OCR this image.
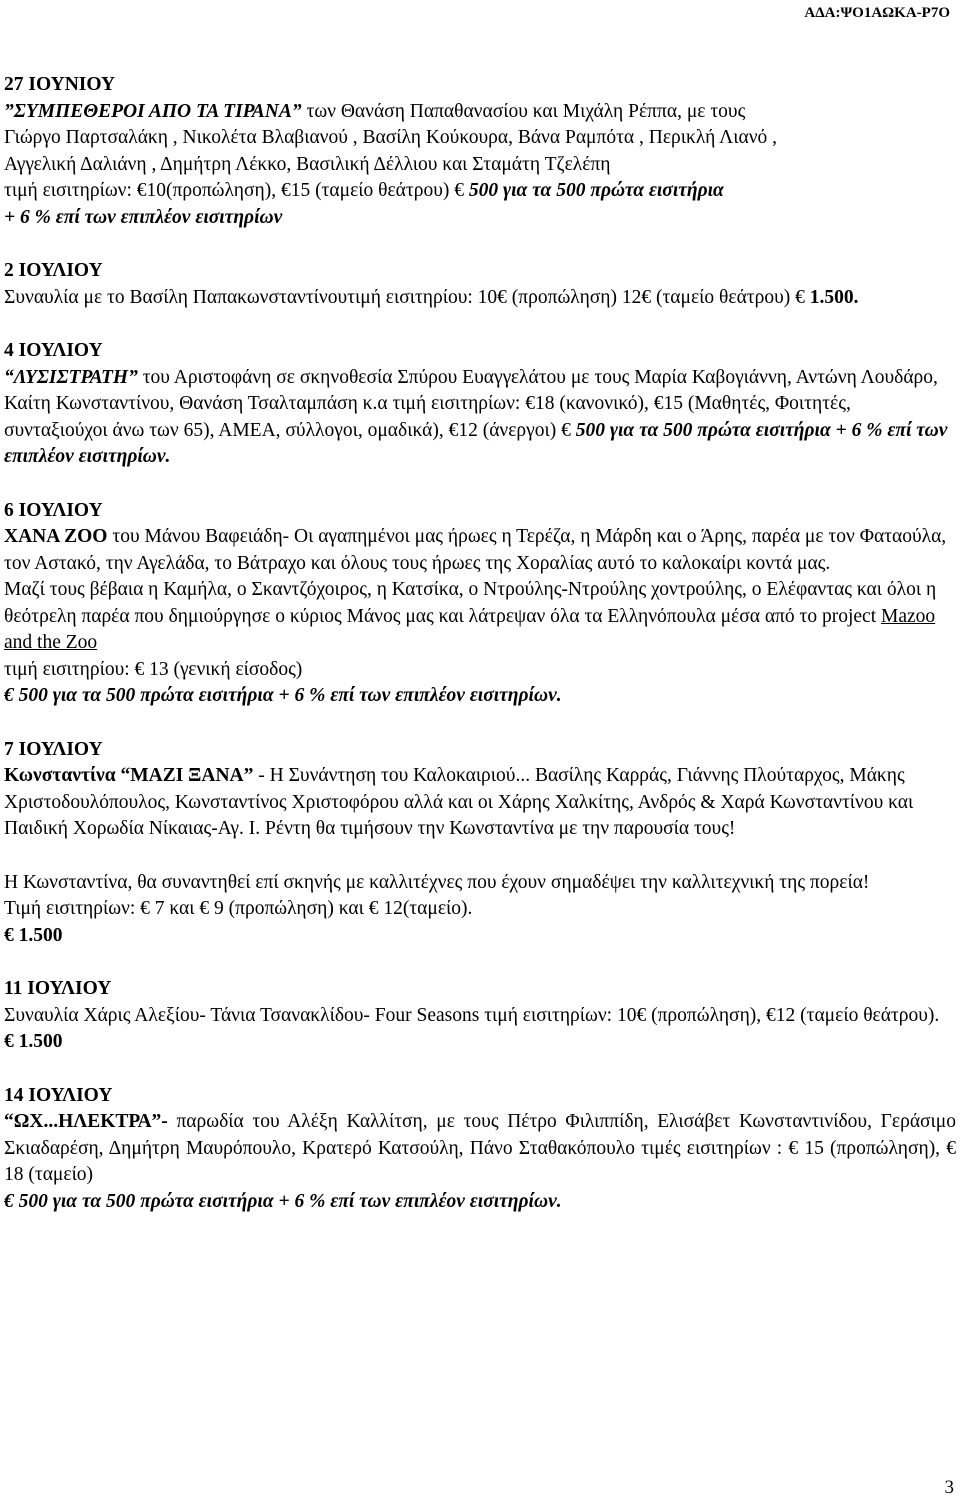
ΑΔΑ:ΨΟ1ΑΩΚΑ-Ρ7Ο

27 ΙΟΥΝΙΟΥ

”ΣΥΜΠΕΘΕΡΟΙ ΑΠΟ ΤΑ ΤΙΡΑΝΑ” των Θανάση Παπαθανασίου και Μιχάλη Ρέππα, με τους

Γιώργο Παρτσαλάκη , Νικολέτα Βλαβιανού , Βασίλη Κούκουρα, Βάνα Ραμπότα , Περικλή Λιανό ,

Αγγελική Δαλιάνη , Δημήτρη Λέκκο, Βασιλική Δέλλιου και Σταμάτη Τζελέπη

τιμή εισιτηρίων: €10(προπώληση), €15 (ταμείο θεάτρου) € 500 για τα 500 πρώτα εισιτήρια

+ 6 % επί των επιπλέον εισιτηρίων

2 ΙΟΥΛΙΟΥ

Συναυλία με το Βασίλη Παπακωνσταντίνουτιμή εισιτηρίου: 10€ (προπώληση) 12€ (ταμείο θεάτρου) € 1.500.

4 ΙΟΥΛΙΟΥ

“ΛΥΣΙΣΤΡΑΤΗ” του Αριστοφάνη σε σκηνοθεσία Σπύρου Ευαγγελάτου με τους Μαρία Καβογιάννη, Αντώνη Λουδάρο, Καίτη Κωνσταντίνου, Θανάση Τσαλταμπάση κ.α τιμή εισιτηρίων: €18 (κανονικό), €15 (Μαθητές, Φοιτητές, συνταξιούχοι άνω των 65), ΑΜΕΑ, σύλλογοι, ομαδικά), €12 (άνεργοι) € 500 για τα 500 πρώτα εισιτήρια + 6 % επί των επιπλέον εισιτηρίων.

6 ΙΟΥΛΙΟΥ

ΧΑΝΑ ΖΟΟ του Μάνου Βαφειάδη- Οι αγαπημένοι μας ήρωες η Τερέζα, η Μάρδη και ο Άρης, παρέα με τον Φαταούλα, τον Αστακό, την Αγελάδα, το Βάτραχο και όλους τους ήρωες της Χοραλίας αυτό το καλοκαίρι κοντά μας.

Μαζί τους βέβαια η Καμήλα, ο Σκαντζόχοιρος, η Κατσίκα, ο Ντρούλης-Ντρούλης χοντρούλης, ο Ελέφαντας και όλοι η θεότρελη παρέα που δημιούργησε ο κύριος Μάνος μας και λάτρεψαν όλα τα Ελληνόπουλα μέσα από το project Mazoo and the Zoo

τιμή εισιτηρίου: € 13 (γενική είσοδος)

€ 500 για τα 500 πρώτα εισιτήρια + 6 % επί των επιπλέον εισιτηρίων.

7 ΙΟΥΛΙΟΥ

Κωνσταντίνα “ΜΑΖΙ ΞΑΝΑ” - Η Συνάντηση του Καλοκαιριού... Βασίλης Καρράς, Γιάννης Πλούταρχος, Μάκης Χριστοδουλόπουλος, Κωνσταντίνος Χριστοφόρου αλλά και οι Χάρης Χαλκίτης, Ανδρός & Χαρά Κωνσταντίνου και Παιδική Χορωδία Νίκαιας-Αγ. Ι. Ρέντη θα τιμήσουν την Κωνσταντίνα με την παρουσία τους!

Η Κωνσταντίνα, θα συναντηθεί επί σκηνής με καλλιτέχνες που έχουν σημαδέψει την καλλιτεχνική της πορεία!

Τιμή εισιτηρίων: € 7 και € 9 (προπώληση) και € 12(ταμείο).

€ 1.500

11 ΙΟΥΛΙΟΥ

Συναυλία Χάρις Αλεξίου- Τάνια Τσανακλίδου- Four Seasons τιμή εισιτηρίων: 10€ (προπώληση), €12 (ταμείο θεάτρου).

€ 1.500

14 ΙΟΥΛΙΟΥ

“ΩΧ...ΗΛΕΚΤΡΑ”- παρωδία του Αλέξη Καλλίτση, με τους Πέτρο Φιλιππίδη, Ελισάβετ Κωνσταντινίδου, Γεράσιμο Σκιαδαρέση, Δημήτρη Μαυρόπουλο, Κρατερό Κατσούλη, Πάνο Σταθακόπουλο τιμές εισιτηρίων : € 15 (προπώληση), € 18 (ταμείο)

€ 500 για τα 500 πρώτα εισιτήρια + 6 % επί των επιπλέον εισιτηρίων.

3
